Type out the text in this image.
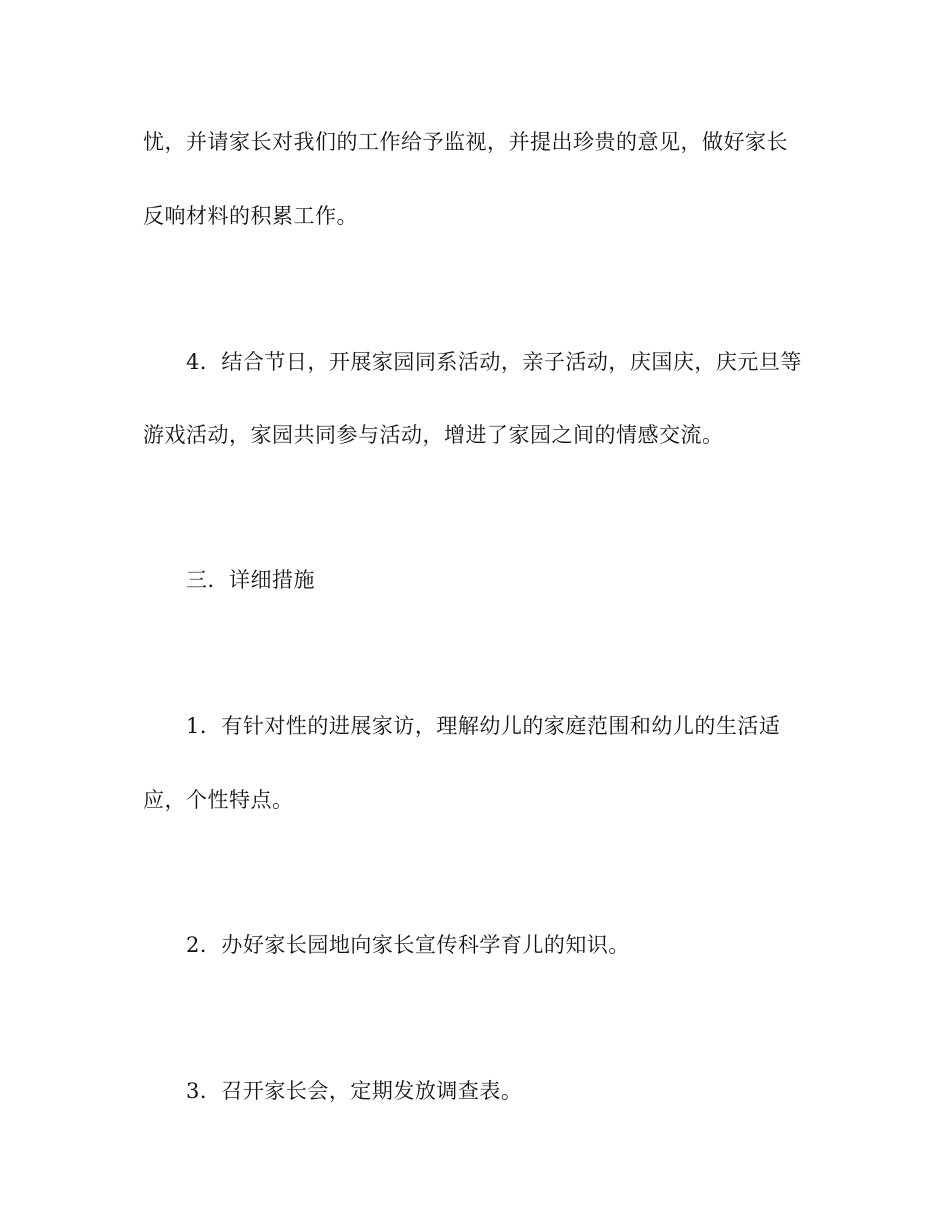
忧，并请家长对我们的工作给予监视，并提出珍贵的意见，做好家长
反响材料的积累工作。
4．结合节日，开展家园同系活动，亲子活动，庆国庆，庆元旦等
游戏活动，家园共同参与活动，增进了家园之间的情感交流。
三．详细措施
1．有针对性的进展家访，理解幼儿的家庭范围和幼儿的生活适
应，个性特点。
2．办好家长园地向家长宣传科学育儿的知识。
3．召开家长会，定期发放调查表。
